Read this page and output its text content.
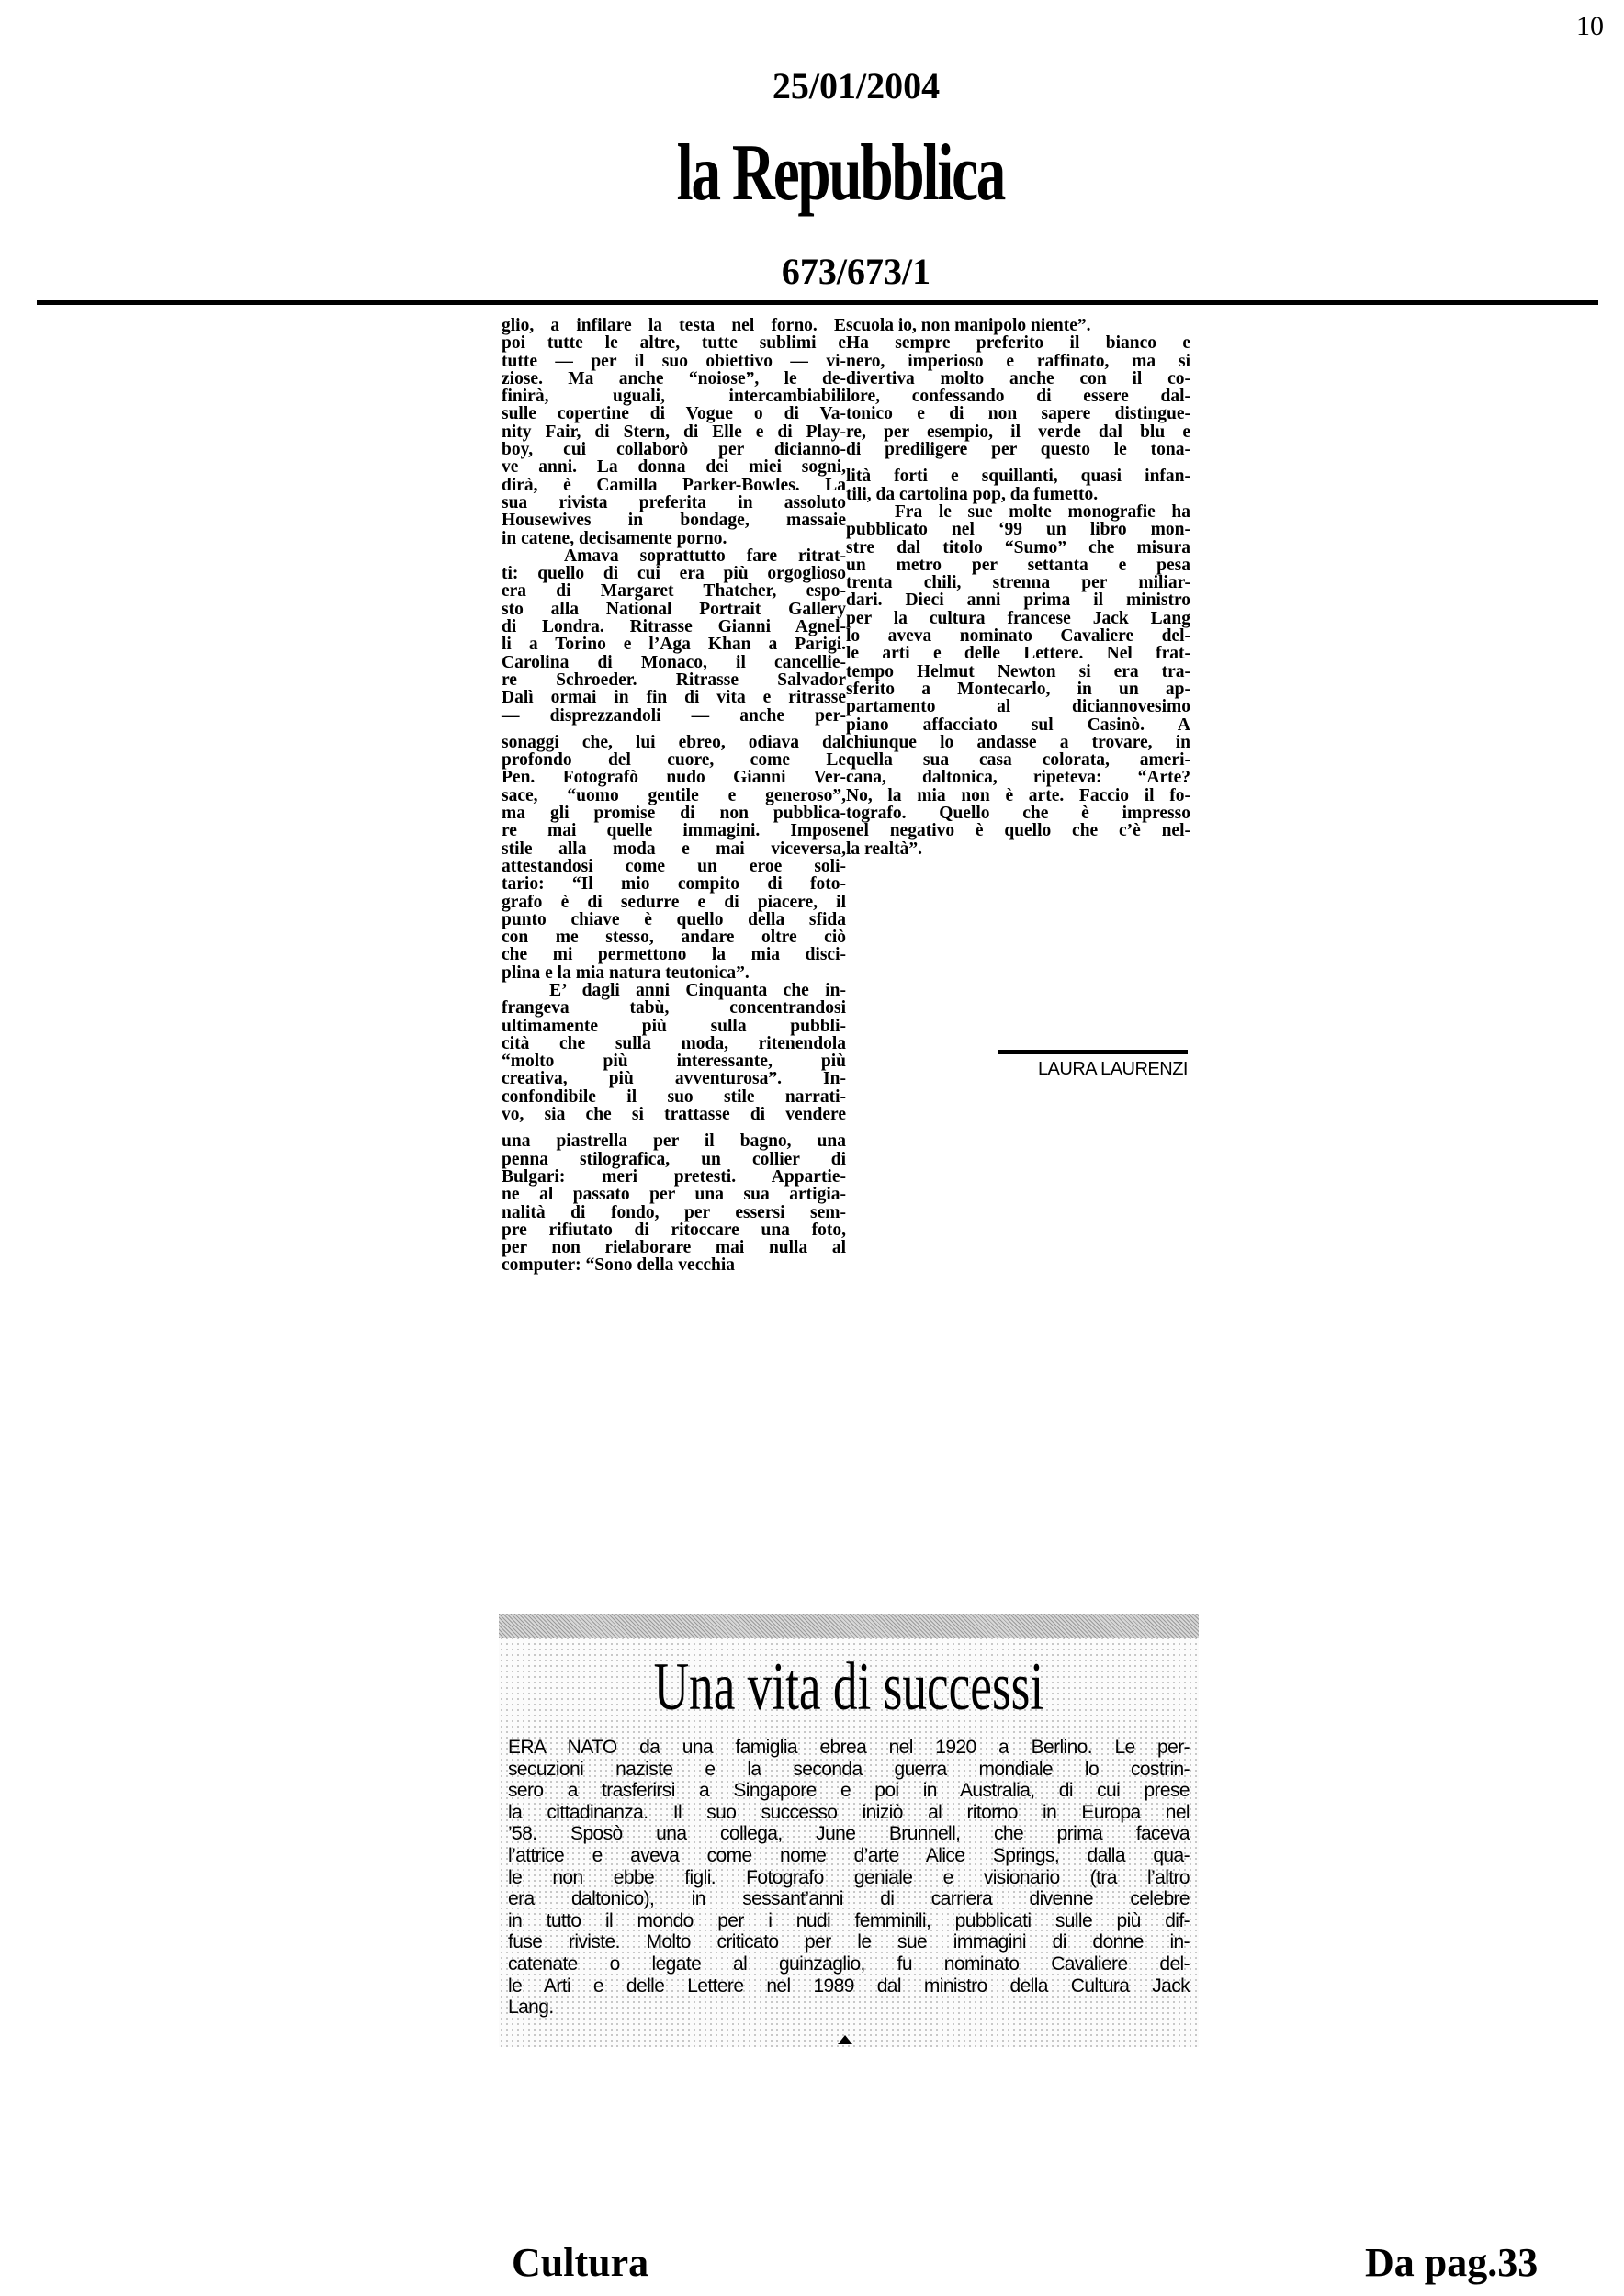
10
25/01/2004
la Repubblica
673/673/1
glio, a infilare la testa nel forno. E
poi tutte le altre, tutte sublimi e
tutte — per il suo obiettivo — vi-
ziose. Ma anche “noiose”, le de-
finirà, uguali, intercambiabili
sulle copertine di Vogue o di Va-
nity Fair, di Stern, di Elle e di Play-
boy, cui collaborò per dicianno-
ve anni. La donna dei miei sogni,
dirà, è Camilla Parker-Bowles. La
sua rivista preferita in assoluto
Housewives in bondage, massaie
in catene, decisamente porno.
Amava soprattutto fare ritrat-
ti: quello di cui era più orgoglioso
era di Margaret Thatcher, espo-
sto alla National Portrait Gallery
di Londra. Ritrasse Gianni Agnel-
li a Torino e l’Aga Khan a Parigi.
Carolina di Monaco, il cancellie-
re Schroeder. Ritrasse Salvador
Dalì ormai in fin di vita e ritrasse
— disprezzandoli — anche per-
sonaggi che, lui ebreo, odiava dal
profondo del cuore, come Le
Pen. Fotografò nudo Gianni Ver-
sace, “uomo gentile e generoso”,
ma gli promise di non pubblica-
re mai quelle immagini. Impose
stile alla moda e mai viceversa,
attestandosi come un eroe soli-
tario: “Il mio compito di foto-
grafo è di sedurre e di piacere, il
punto chiave è quello della sfida
con me stesso, andare oltre ciò
che mi permettono la mia disci-
plina e la mia natura teutonica”.
E’ dagli anni Cinquanta che in-
frangeva tabù, concentrandosi
ultimamente più sulla pubbli-
cità che sulla moda, ritenendola
“molto più interessante, più
creativa, più avventurosa”. In-
confondibile il suo stile narrati-
vo, sia che si trattasse di vendere
una piastrella per il bagno, una
penna stilografica, un collier di
Bulgari: meri pretesti. Appartie-
ne al passato per una sua artigia-
nalità di fondo, per essersi sem-
pre rifiutato di ritoccare una foto,
per non rielaborare mai nulla al
computer: “Sono della vecchia
scuola io, non manipolo niente”.
Ha sempre preferito il bianco e
nero, imperioso e raffinato, ma si
divertiva molto anche con il co-
lore, confessando di essere dal-
tonico e di non sapere distingue-
re, per esempio, il verde dal blu e
di prediligere per questo le tona-
lità forti e squillanti, quasi infan-
tili, da cartolina pop, da fumetto.
Fra le sue molte monografie ha
pubblicato nel ‘99 un libro mon-
stre dal titolo “Sumo” che misura
un metro per settanta e pesa
trenta chili, strenna per miliar-
dari. Dieci anni prima il ministro
per la cultura francese Jack Lang
lo aveva nominato Cavaliere del-
le arti e delle Lettere. Nel frat-
tempo Helmut Newton si era tra-
sferito a Montecarlo, in un ap-
partamento al diciannovesimo
piano affacciato sul Casinò. A
chiunque lo andasse a trovare, in
quella sua casa colorata, ameri-
cana, daltonica, ripeteva: “Arte?
No, la mia non è arte. Faccio il fo-
tografo. Quello che è impresso
nel negativo è quello che c’è nel-
la realtà”.
LAURA LAURENZI
Una vita di successi
ERA NATO da una famiglia ebrea nel 1920 a Berlino. Le per-
secuzioni naziste e la seconda guerra mondiale lo costrin-
sero a trasferirsi a Singapore e poi in Australia, di cui prese
la cittadinanza. Il suo successo iniziò al ritorno in Europa nel
’58. Sposò una collega, June Brunnell, che prima faceva
l’attrice e aveva come nome d’arte Alice Springs, dalla qua-
le non ebbe figli. Fotografo geniale e visionario (tra l’altro
era daltonico), in sessant’anni di carriera divenne celebre
in tutto il mondo per i nudi femminili, pubblicati sulle più dif-
fuse riviste. Molto criticato per le sue immagini di donne in-
catenate o legate al guinzaglio, fu nominato Cavaliere del-
le Arti e delle Lettere nel 1989 dal ministro della Cultura Jack
Lang.
Cultura	Da pag.33
